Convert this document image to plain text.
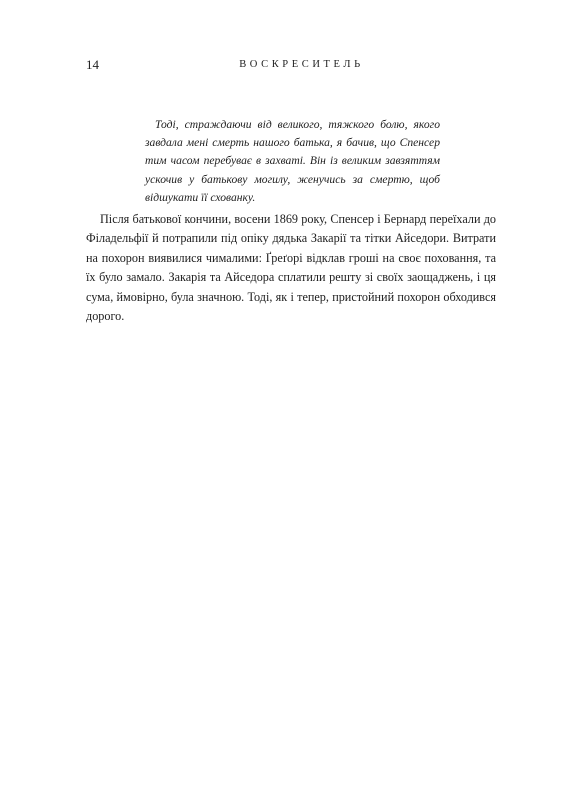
14	ВОСКРЕСИТЕЛЬ

Тоді, страждаючи від великого, тяжкого болю, якого завдала мені смерть нашого батька, я бачив, що Спенсер тим часом перебуває в захваті. Він із великим завзяттям ускочив у батькову могилу, женучись за смертю, щоб відшукати її схованку.

Після батькової кончини, восени 1869 року, Спенсер і Бернард переїхали до Філадельфії й потрапили під опіку дядька Закарії та тітки Айседори. Витрати на похорон виявилися чималими: Ґреґорі відклав гроші на своє поховання, та їх було замало. Закарія та Айседора сплатили решту зі своїх заощаджень, і ця сума, ймовірно, була значною. Тоді, як і тепер, пристойний похорон обходився дорого.
